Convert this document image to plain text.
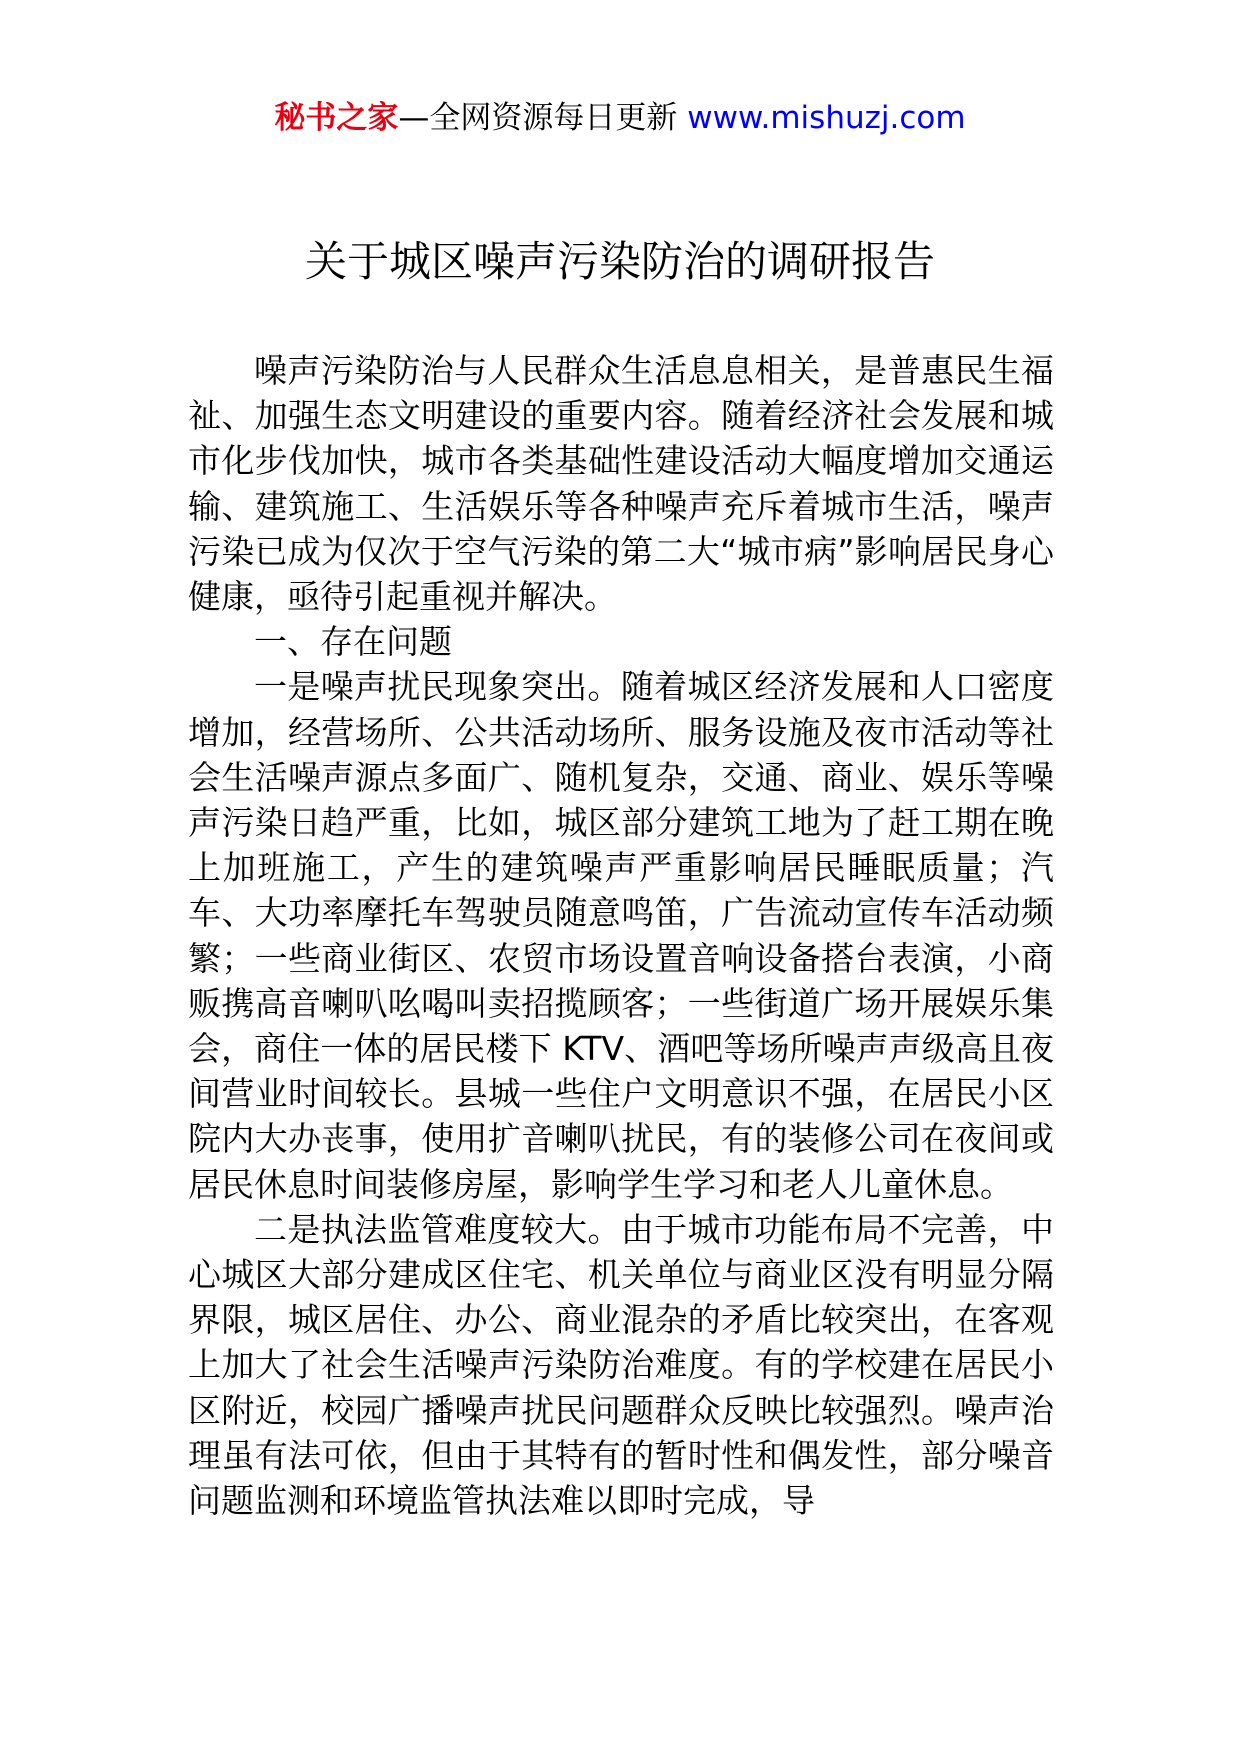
秘书之家—全网资源每日更新 www.mishuzj.com
关于城区噪声污染防治的调研报告

噪声污染防治与人民群众生活息息相关，是普惠民生福祉、加强生态文明建设的重要内容。随着经济社会发展和城市化步伐加快，城市各类基础性建设活动大幅度增加交通运输、建筑施工、生活娱乐等各种噪声充斥着城市生活，噪声污染已成为仅次于空气污染的第二大“城市病”影响居民身心健康，亟待引起重视并解决。

一、存在问题

一是噪声扰民现象突出。随着城区经济发展和人口密度增加，经营场所、公共活动场所、服务设施及夜市活动等社会生活噪声源点多面广、随机复杂，交通、商业、娱乐等噪声污染日趋严重，比如，城区部分建筑工地为了赶工期在晚上加班施工，产生的建筑噪声严重影响居民睡眠质量；汽车、大功率摩托车驾驶员随意鸣笛，广告流动宣传车活动频繁；一些商业街区、农贸市场设置音响设备搭台表演，小商贩携高音喇叭吆喝叫卖招揽顾客；一些街道广场开展娱乐集会，商住一体的居民楼下 KTV、酒吧等场所噪声声级高且夜间营业时间较长。县城一些住户文明意识不强，在居民小区院内大办丧事，使用扩音喇叭扰民，有的装修公司在夜间或居民休息时间装修房屋，影响学生学习和老人儿童休息。

二是执法监管难度较大。由于城市功能布局不完善，中心城区大部分建成区住宅、机关单位与商业区没有明显分隔界限，城区居住、办公、商业混杂的矛盾比较突出，在客观上加大了社会生活噪声污染防治难度。有的学校建在居民小区附近，校园广播噪声扰民问题群众反映比较强烈。噪声治理虽有法可依，但由于其特有的暂时性和偶发性，部分噪音问题监测和环境监管执法难以即时完成，导
